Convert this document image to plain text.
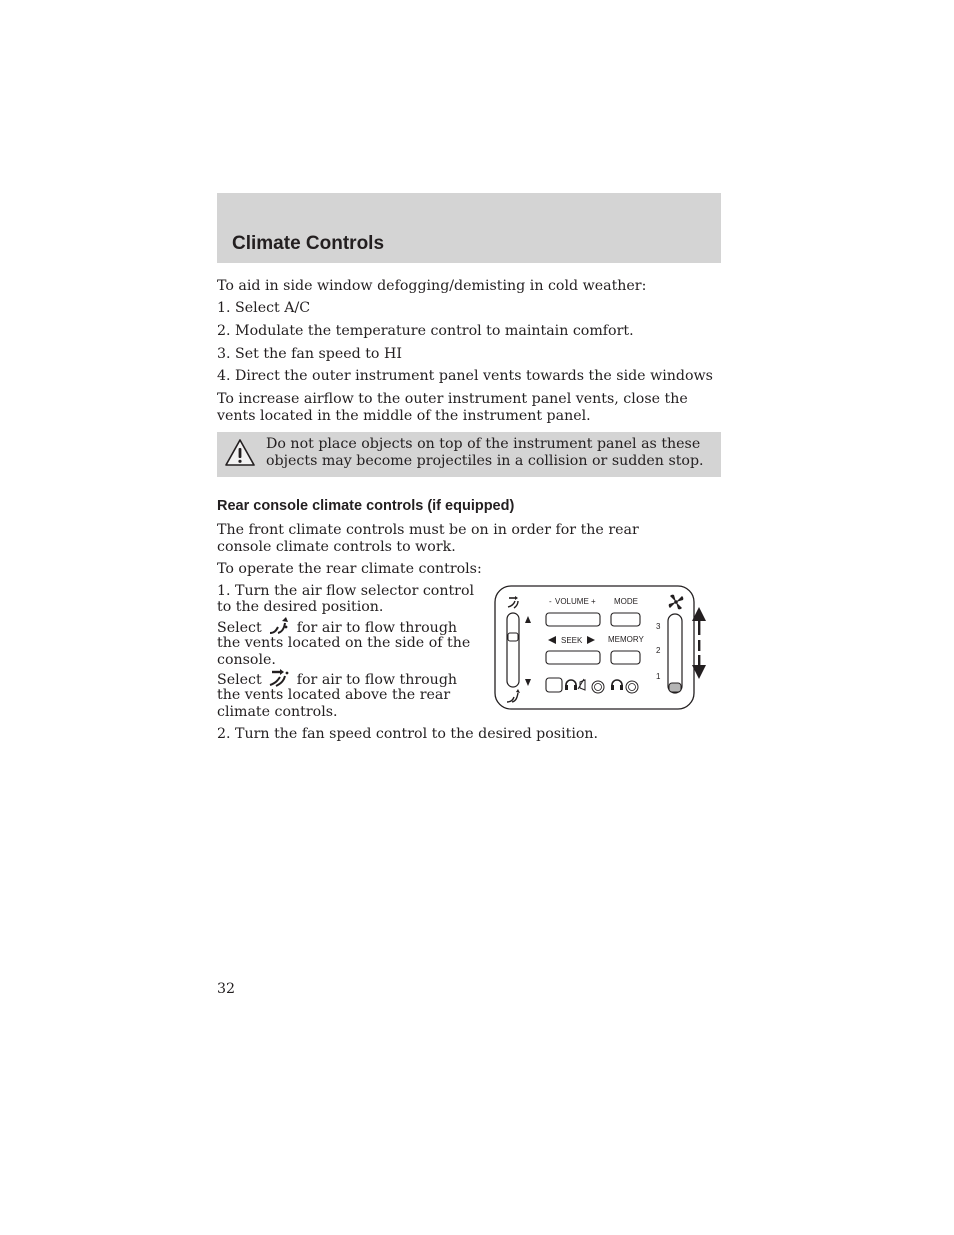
Climate Controls

To aid in side window defogging/demisting in cold weather:

1. Select A/C

2. Modulate the temperature control to maintain comfort.

3. Set the fan speed to HI

4. Direct the outer instrument panel vents towards the side windows

To increase airflow to the outer instrument panel vents, close the vents located in the middle of the instrument panel.

Do not place objects on top of the instrument panel as these objects may become projectiles in a collision or sudden stop.
Rear console climate controls (if equipped)

The front climate controls must be on in order for the rear console climate controls to work.

To operate the rear climate controls:

1. Turn the air flow selector control

to the desired position.

Select for air to flow through

the vents located on the side of the

console.

Select for air to flow through

the vents located above the rear

climate controls.

2. Turn the fan speed control to the desired position.

- VOLUME + MODE
SEEK	MEMORY
3
2
1
32
